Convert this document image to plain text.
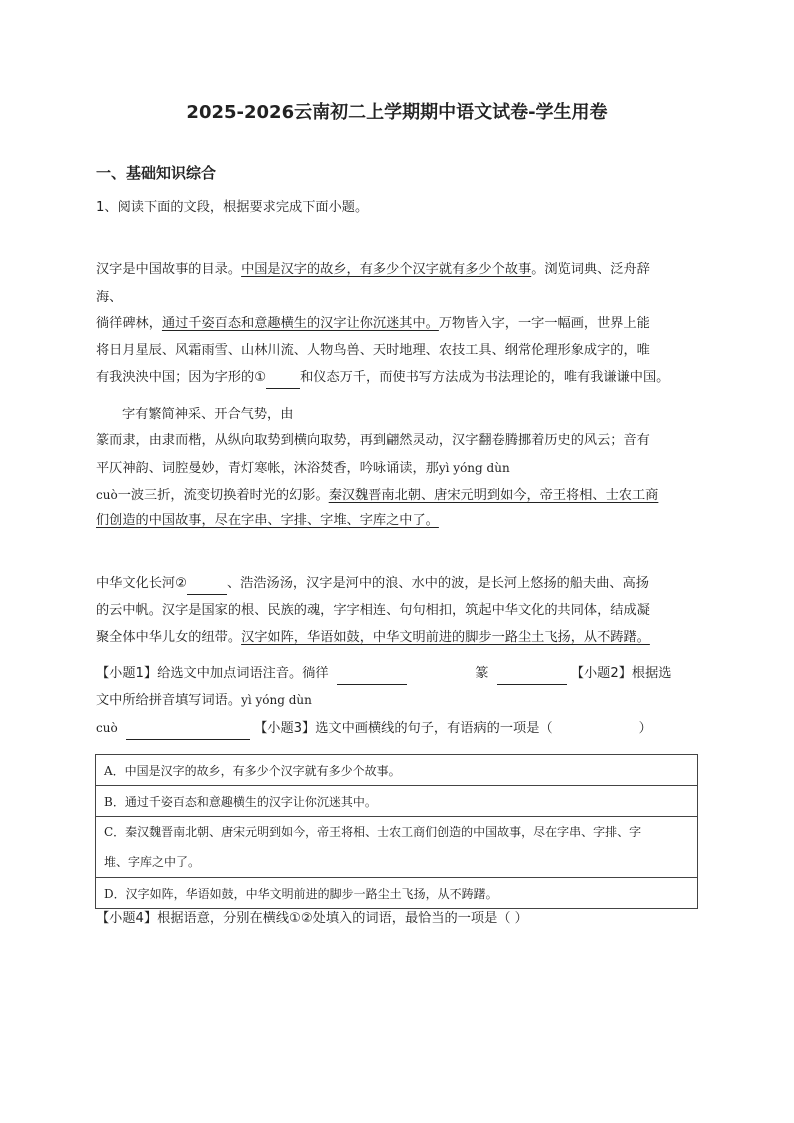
2025-2026云南初二上学期期中语文试卷-学生用卷
一、基础知识综合
1、阅读下面的文段，根据要求完成下面小题。
汉字是中国故事的目录。中国是汉字的故乡，有多少个汉字就有多少个故事。浏览词典、泛舟辞
海、
徜徉碑林，通过千姿百态和意趣横生的汉字让你沉迷其中。万物皆入字，一字一幅画，世界上能
将日月星辰、风霜雨雪、山林川流、人物鸟兽、天时地理、农技工具、纲常伦理形象成字的，唯
有我泱泱中国；因为字形的①	和仪态万千，而使书写方法成为书法理论的，唯有我谦谦中国。
字有繁简神采、开合气势，由
篆而隶，由隶而楷，从纵向取势到横向取势，再到翩然灵动，汉字翻卷腾挪着历史的风云；音有
平仄神韵、词腔曼妙，青灯寒帐，沐浴焚香，吟咏诵读，那yì yóng dùn
cuò一波三折，流变切换着时光的幻影。秦汉魏晋南北朝、唐宋元明到如今，帝王将相、士农工商
们创造的中国故事，尽在字串、字排、字堆、字库之中了。
中华文化长河②	、浩浩汤汤，汉字是河中的浪、水中的波，是长河上悠扬的船夫曲、高扬
的云中帆。汉字是国家的根、民族的魂，字字相连、句句相扣，筑起中华文化的共同体，结成凝
聚全体中华儿女的纽带。汉字如阵，华语如鼓，中华文明前进的脚步一路尘土飞扬，从不踌躇。
【小题1】给选文中加点词语注音。徜徉	篆	【小题2】根据选
文中所给拼音填写词语。yì yóng dùn
cuò	【小题3】选文中画横线的句子，有语病的一项是（	）
A．中国是汉字的故乡，有多少个汉字就有多少个故事。
B．通过千姿百态和意趣横生的汉字让你沉迷其中。
C．秦汉魏晋南北朝、唐宋元明到如今，帝王将相、士农工商们创造的中国故事，尽在字串、字排、字
堆、字库之中了。
D．汉字如阵，华语如鼓，中华文明前进的脚步一路尘土飞扬，从不踌躇。
【小题4】根据语意，分别在横线①②处填入的词语，最恰当的一项是（ ）
